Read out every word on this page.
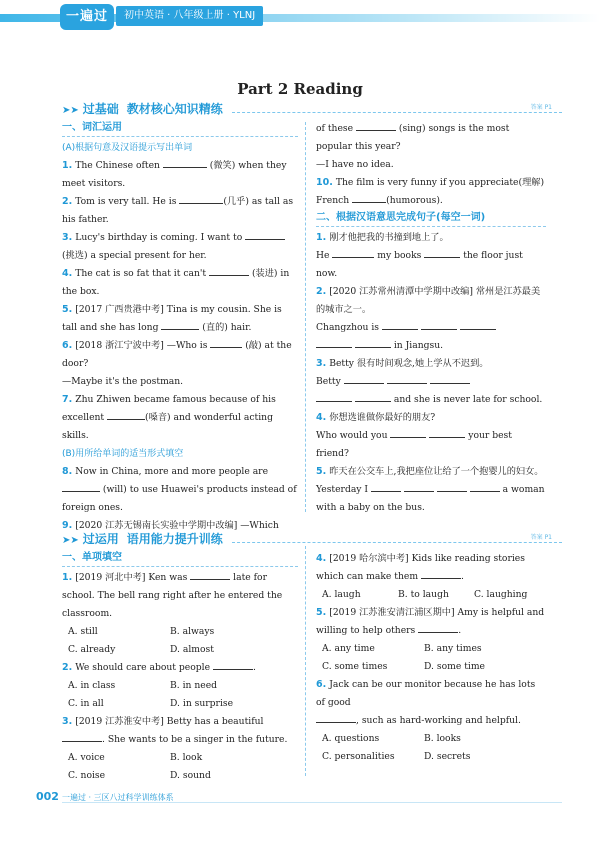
一遍过	初中英语 · 八年级上册 · YLNJ
Part 2 Reading
➤➤ 过基础 教材核心知识精练	答案 P1
一、词汇运用
(A)根据句意及汉语提示写出单词

1. The Chinese often	(微笑) when they meet visitors.

2. Tom is very tall. He is	(几乎) as tall as his father.

3. Lucy's birthday is coming. I want to  (挑选) a special present for her.

4. The cat is so fat that it can't	(装进) in the box.

5. [2017 广西贵港中考] Tina is my cousin. She is tall and she has long	(直的) hair.

6. [2018 浙江宁波中考] —Who is	(敲) at the door?
—Maybe it's the postman.

7. Zhu Zhiwen became famous because of his excellent	(嗓音) and wonderful acting skills.

(B)用所给单词的适当形式填空

8. Now in China, more and more people are  (will) to use Huawei's products instead of foreign ones.

9. [2020 江苏无锡南长实验中学期中改编] —Which

of these	(sing) songs is the most popular this year?
—I have no idea.

10. The film is very funny if you appreciate(理解) French	(humorous).

二、根据汉语意思完成句子(每空一词)

1. 刚才他把我的书撞到地上了。
He	my books	the floor just now.

2. [2020 江苏常州清潭中学期中改编] 常州是江苏最美的城市之一。
Changzhou is
in Jiangsu.

3. Betty 很有时间观念,她上学从不迟到。
Betty
and she is never late for school.

4. 你想选谁做你最好的朋友?
Who would you	your best friend?

5. 昨天在公交车上,我把座位让给了一个抱婴儿的妇女。
Yesterday I	a woman with a baby on the bus.

➤➤ 过运用 语用能力提升训练	答案 P1
一、单项填空

1. [2019 河北中考] Ken was	late for school. The bell rang right after he entered the classroom.

A. still	B. always
C. already	D. almost

2. We should care about people	.

A. in class	B. in need
C. in all	D. in surprise

3. [2019 江苏淮安中考] Betty has a beautiful . She wants to be a singer in the future.

A. voice	B. look
C. noise	D. sound

4. [2019 哈尔滨中考] Kids like reading stories which can make them	.

A. laugh	B. to laugh	C. laughing

5. [2019 江苏淮安清江浦区期中] Amy is helpful and willing to help others	.

A. any time	B. any times
C. some times	D. some time

6. Jack can be our monitor because he has lots of good
, such as hard-working and helpful.

A. questions	B. looks
C. personalities	D. secrets
002 一遍过 · 三区八过科学训练体系
